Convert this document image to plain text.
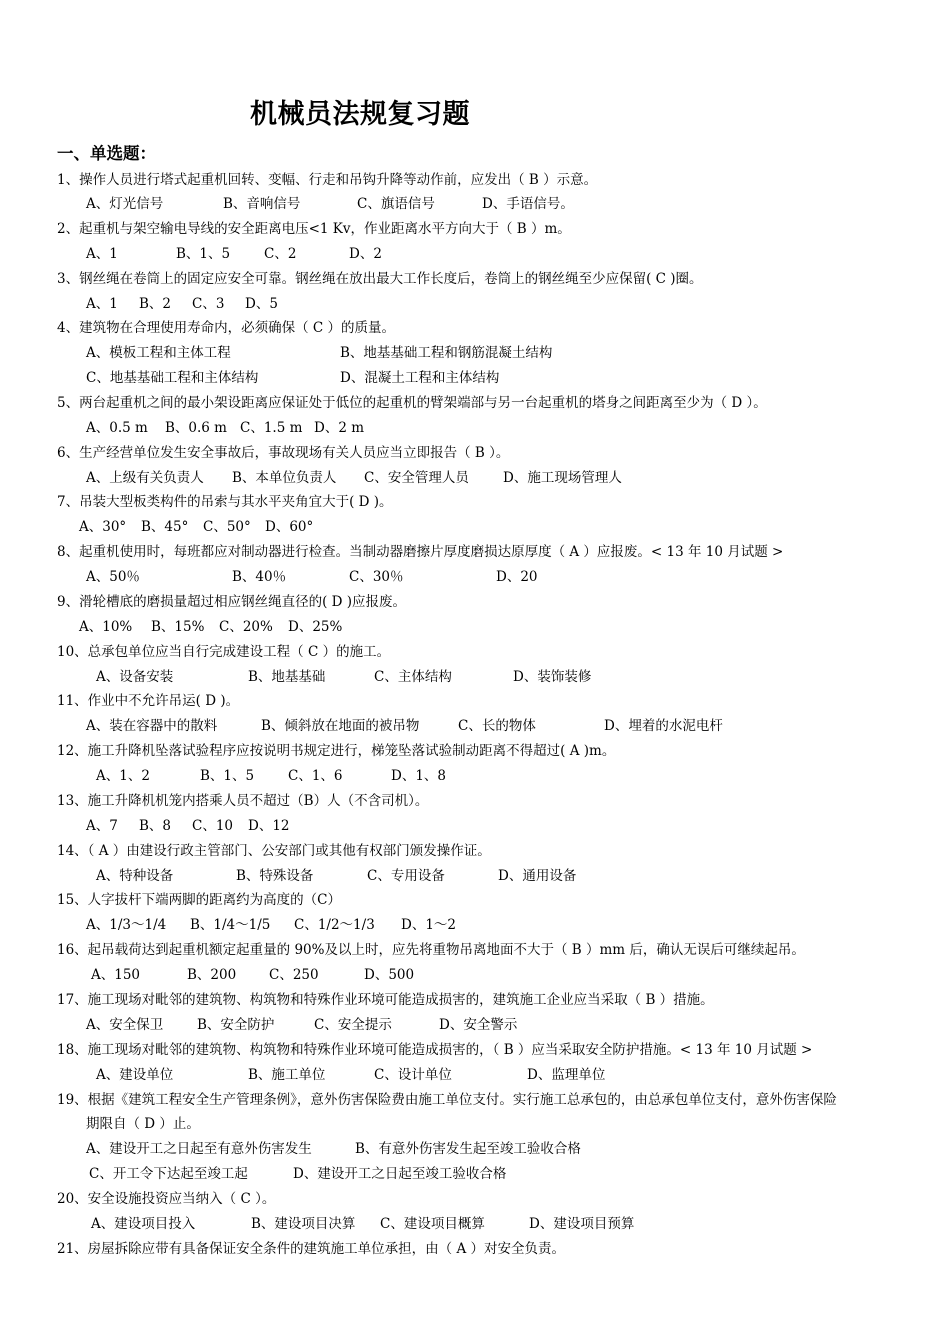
机械员法规复习题
一、单选题：
1、操作人员进行塔式起重机回转、变幅、行走和吊钩升降等动作前，应发出（ B ）示意。
A、灯光信号	B、音响信号	C、旗语信号	D、手语信号。
2、起重机与架空输电导线的安全距离电压<1 Kv，作业距离水平方向大于（ B ）m。
A、1	B、1、5	C、2	D、2
3、钢丝绳在卷筒上的固定应安全可靠。钢丝绳在放出最大工作长度后，卷筒上的钢丝绳至少应保留( C )圈。
A、1 B、2 C、3 D、5
4、建筑物在合理使用寿命内，必须确保（ C ）的质量。
A、模板工程和主体工程	B、地基基础工程和钢筋混凝土结构
C、地基基础工程和主体结构	D、混凝土工程和主体结构
5、两台起重机之间的最小架设距离应保证处于低位的起重机的臂架端部与另一台起重机的塔身之间距离至少为（ D ）。
A、0.5 m B、0.6 m C、1.5 m D、2 m
6、生产经营单位发生安全事故后，事故现场有关人员应当立即报告（ B ）。
A、上级有关负责人 B、本单位负责人 C、安全管理人员	D、施工现场管理人
7、吊装大型板类构件的吊索与其水平夹角宜大于( D )。
A、30° B、45° C、50° D、60°
8、起重机使用时，每班都应对制动器进行检查。当制动器磨擦片厚度磨损达原厚度（ A ）应报废。< 13 年 10 月试题 >
A、50％	B、40％	C、30％	D、20
9、滑轮槽底的磨损量超过相应钢丝绳直径的( D )应报废。
A、10% B、15% C、20% D、25%
10、总承包单位应当自行完成建设工程（ C ）的施工。
A、设备安装	B、地基基础	C、主体结构	D、装饰装修
11、作业中不允许吊运( D )。
A、装在容器中的散料	B、倾斜放在地面的被吊物	C、长的物体	D、埋着的水泥电杆
12、施工升降机坠落试验程序应按说明书规定进行，梯笼坠落试验制动距离不得超过( A )m。
A、1、2	B、1、5	C、1、6	D、1、8
13、施工升降机机笼内搭乘人员不超过（B）人（不含司机）。
A、7 B、8 C、10 D、12
14、（ A ）由建设行政主管部门、公安部门或其他有权部门颁发操作证。
A、特种设备	B、特殊设备	C、专用设备	D、通用设备
15、人字拔杆下端两脚的距离约为高度的（C）
A、1/3～1/4 B、1/4～1/5 C、1/2～1/3 D、1～2
16、起吊载荷达到起重机额定起重量的 90%及以上时，应先将重物吊离地面不大于（ B ）mm 后，确认无误后可继续起吊。
A、150	B、200 C、250	D、500
17、施工现场对毗邻的建筑物、构筑物和特殊作业环境可能造成损害的，建筑施工企业应当采取（ B ）措施。
A、安全保卫	B、安全防护	C、安全提示	D、安全警示
18、施工现场对毗邻的建筑物、构筑物和特殊作业环境可能造成损害的，（ B ）应当采取安全防护措施。< 13 年 10 月试题 >
A、建设单位	B、施工单位	C、设计单位	D、监理单位
19、根据《建筑工程安全生产管理条例》，意外伤害保险费由施工单位支付。实行施工总承包的，由总承包单位支付，意外伤害保险
期限自（ D ）止。
A、建设开工之日起至有意外伤害发生	B、有意外伤害发生起至竣工验收合格
C、开工令下达起至竣工起	D、建设开工之日起至竣工验收合格
20、安全设施投资应当纳入（ C ）。
A、建设项目投入	B、建设项目决算 C、建设项目概算	D、建设项目预算
21、房屋拆除应带有具备保证安全条件的建筑施工单位承担，由（ A ）对安全负责。
